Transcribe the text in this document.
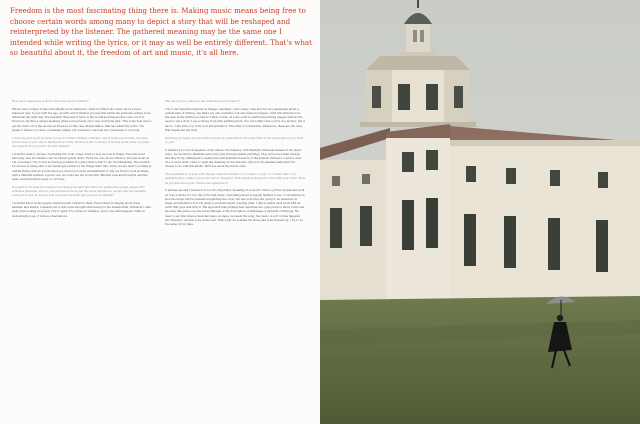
Freedom is the most fascinating thing there is. Making music means being free to choose certain words among many to depict a story that will be reshaped and reinterpreted by the listener. The gathered meaning may be the same one I intended while writing the lyrics, or it may as well be entirely different. That's what so beautiful about it, the freedom of art and music, it's all here.

How much awareness is there? And how much is instinct?

When I was younger it was undoubtedly more instinctive. Little by little it all comes out in a more reasoned way: it goes with the age, growth, and formation process that builds the personal journey of an individual day after day. The beautiful thing about lyrics is the words and images that come out of it. Everyone can find a unique meaning when a song meets one's own world and past. This is the best way to get the most out of the enormous freedom, in this case interpretative, that lies within the lyrics. You speak of nature of course, of animals, plants, but somehow I also feel the coarseness of concrete.

I don't see your work as naive, I'd say it's rather brilliant, animistic, and at times provocative. You have found a key of your own in talking about today. Would you like to escape from this world made of people and objects or is it good to be here instead?

I wouldn't want to escape, I'm having fun. It all comes down to how we look at things. Even the most annoying ones for instance can be turned upside down. Everyone can choose where to live and as far as I'm concerned, I try to live as much as possible in a place that is dear to me, the Maremma. The solution for me lies in being able to let myself get excited by the things that I like. Today we are used to looking at certain things with an accustomed eye, there is no more astonishment. If only we tried to look at things with a different attitude, a purer one, we could see the world with different eyes and thoughts, and the same would therefore apply to our lives.

You seem to be quite the observer. I've always thought that there are animal-like people, people who somehow fascinate, attract, and perhaps scare us just like some animals do, people who are beautiful even just to look at. Do you look at people the same way you look at animals?

I wouldn't know. Some people charm me and I dwell on them. Even when I'm singing about trees, animals, and nature, it amazes me to add some thoughts that belong to the human mind. Whatever I take away from looking at people, I try to apply it to a tree for instance, just to see what happens. Mine is undoubtedly a set of various observations.

This set of yours, what are the connections that make it?

I try to let myself be inspired by images, paintings. Lyrics wise, I like and I'm very passionate about a certain kind of writing, one that's not only narrative, but also made by images. I find this attitude to be the case in the writing evolution of Paolo Conte. At some point he started describing images without the need to tell a story. I see a strong bond with painting there. You can totally read a story in a picture, but it has to come from you, from your interpretation. This kind of connections, influences, these are the ones that inspire me the most.

Speaking of images you also kind of speak of presentation. How important is the visual side of your work to you?

It matters a lot, but it depends on the album. For instance, with Bestiario Musicale instead of the music video, we decided to illustrate each song only through animal paintings. They were more than enough, and they fit my willingness to defend the interpretative freedom of the listener. Perhaps I could've used one or more music video to push the meaning in one direction only, but I'm satisfied with what I've chosen to do with this album. We'll see about the future ones.

The presentation of your work though cannot be limited to a booklet, a cover, or a music video. You definitely have a style of your own and an imaginary that somehow shows the circle with your music. How do you feel about your clothes and appearance?

It amuses me and I believe it to be very important. Speaking of a record, I like to picture myself and work on it as a whole, it's not only lyrics and music, everything about it equally matters to me. I concentrate on how the songs will be presented regarding the cover, but also how they are going to be delivered on stage, and therefore how I'm going to present myself, wearing what. I like to match each work with an outfit that goes well with it. The approach that perhaps best describes me, going back to Paolo Conte and his song Alle prese con una verde Milonga, is the description of Atahualpa, a guitarist of Milonga. He used to say that when a musician steps on stage, he meets the song, the music. A sort of date happens and therefore one has to be at his best. That's why he polishes his shoes and is all dressed up. I try to do the same for my date.
